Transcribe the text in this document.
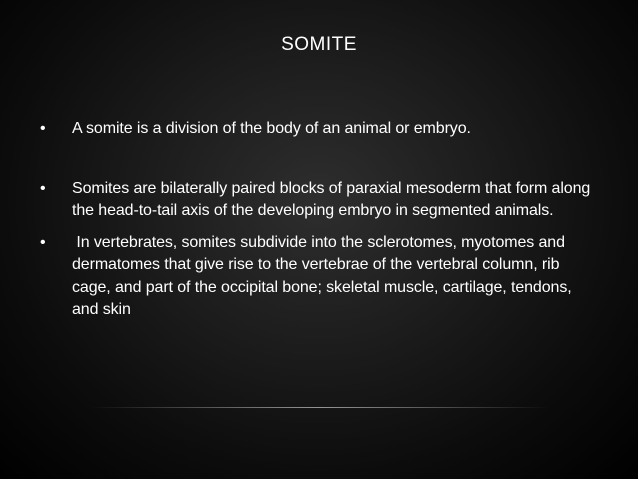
SOMITE
•	A somite is a division of the body of an animal or embryo.
•	Somites are bilaterally paired blocks of paraxial mesoderm that form along the head-to-tail axis of the developing embryo in segmented animals.
•	In vertebrates, somites subdivide into the sclerotomes, myotomes and dermatomes that give rise to the vertebrae of the vertebral column, rib cage, and part of the occipital bone; skeletal muscle, cartilage, tendons, and skin
